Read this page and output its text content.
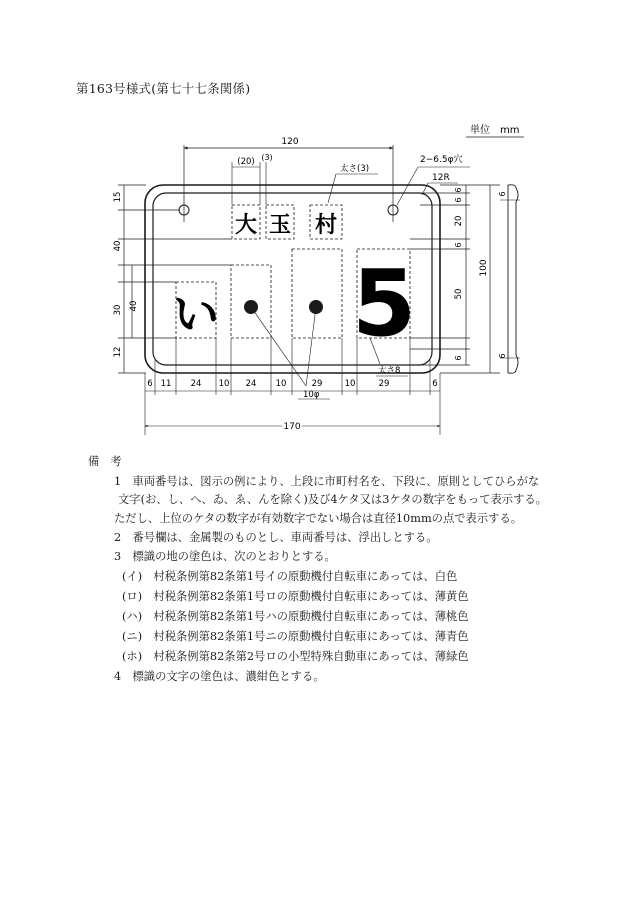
第163号様式(第七十七条関係)
単位　mm
120
(20) (3)
太さ(3)
2−6.5φ穴
12R
大 玉 村
い 5
10φ
太さ8
15
40
40
30
12
6
6
20
6
50
6
100
6
6
6 11 24 10 24 10	29	10	29	6
170
備考
1　車両番号は、図示の例により、上段に市町村名を、下段に、原則としてひらがな
文字(お、し、へ、ゐ、ゑ、んを除く)及び4ケタ又は3ケタの数字をもって表示する。
ただし、上位のケタの数字が有効数字でない場合は直径10mmの点で表示する。
2　番号欄は、金属製のものとし、車両番号は、浮出しとする。
3　標識の地の塗色は、次のとおりとする。
(イ)　村税条例第82条第1号イの原動機付自転車にあっては、白色
(ロ)　村税条例第82条第1号ロの原動機付自転車にあっては、薄黄色
(ハ)　村税条例第82条第1号ハの原動機付自転車にあっては、薄桃色
(ニ)　村税条例第82条第1号ニの原動機付自転車にあっては、薄青色
(ホ)　村税条例第82条第2号ロの小型特殊自動車にあっては、薄緑色
4　標識の文字の塗色は、濃紺色とする。
